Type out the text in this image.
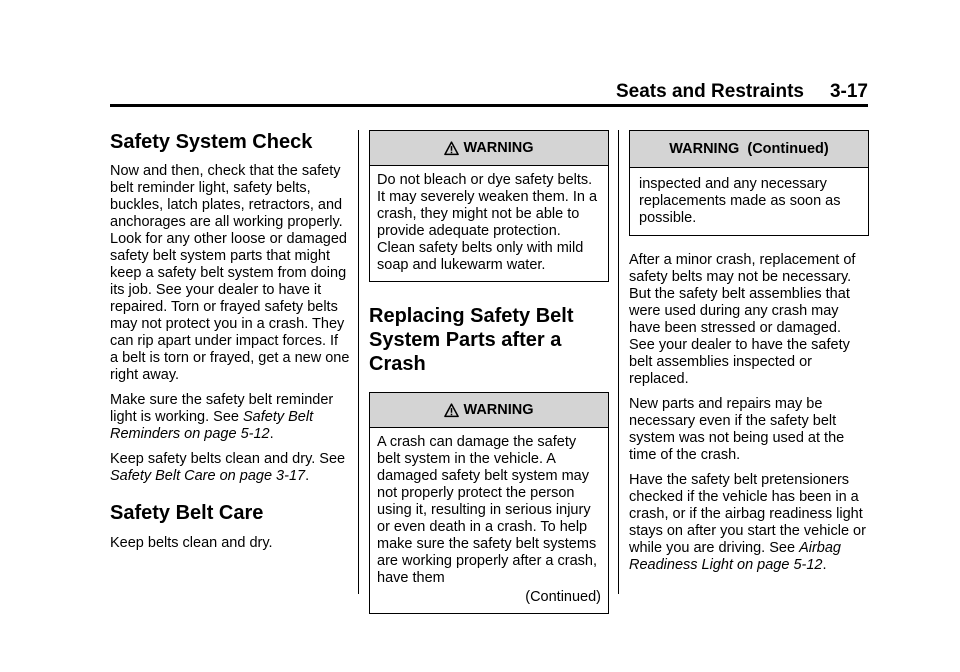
Seats and Restraints 3-17
Safety System Check

Now and then, check that the safety belt reminder light, safety belts, buckles, latch plates, retractors, and anchorages are all working properly. Look for any other loose or damaged safety belt system parts that might keep a safety belt system from doing its job. See your dealer to have it repaired. Torn or frayed safety belts may not protect you in a crash. They can rip apart under impact forces. If a belt is torn or frayed, get a new one right away.

Make sure the safety belt reminder light is working. See Safety Belt Reminders on page 5-12.

Keep safety belts clean and dry. See Safety Belt Care on page 3-17.

Safety Belt Care

Keep belts clean and dry.

WARNING
Do not bleach or dye safety belts. It may severely weaken them. In a crash, they might not be able to provide adequate protection. Clean safety belts only with mild soap and lukewarm water.
Replacing Safety Belt System Parts after a Crash
WARNING
A crash can damage the safety belt system in the vehicle. A damaged safety belt system may not properly protect the person using it, resulting in serious injury or even death in a crash. To help make sure the safety belt systems are working properly after a crash, have them
(Continued)
WARNING  (Continued)
inspected and any necessary replacements made as soon as possible.

After a minor crash, replacement of safety belts may not be necessary. But the safety belt assemblies that were used during any crash may have been stressed or damaged. See your dealer to have the safety belt assemblies inspected or replaced.

New parts and repairs may be necessary even if the safety belt system was not being used at the time of the crash.

Have the safety belt pretensioners checked if the vehicle has been in a crash, or if the airbag readiness light stays on after you start the vehicle or while you are driving. See Airbag Readiness Light on page 5-12.
